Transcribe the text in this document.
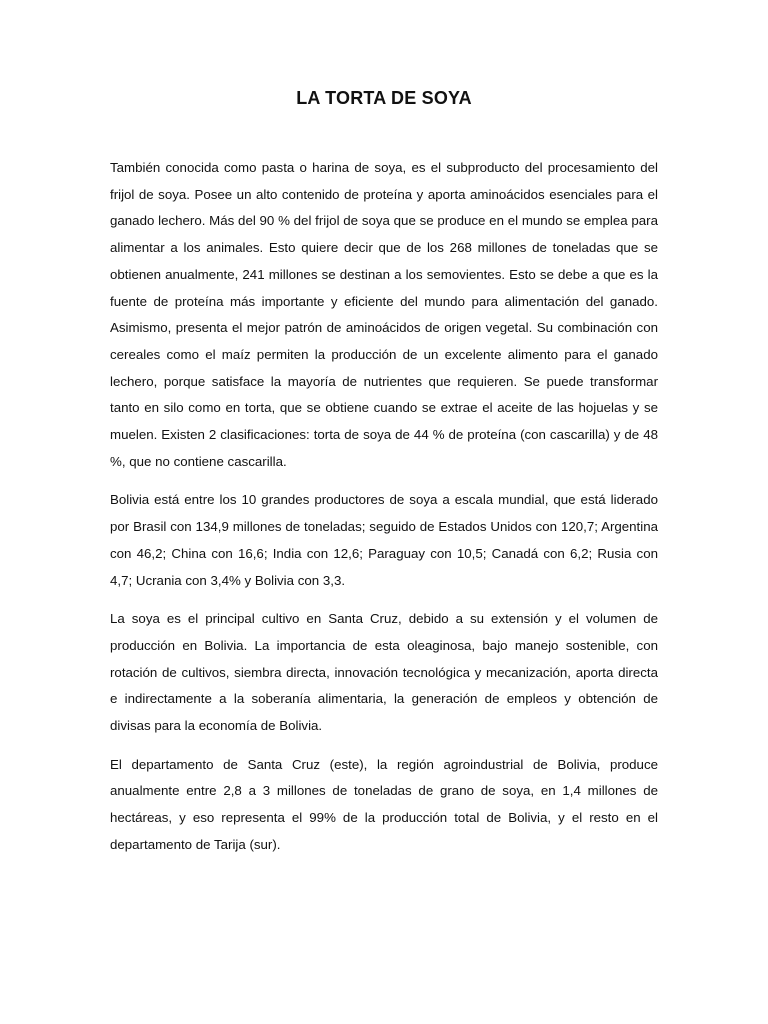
LA TORTA DE SOYA

También conocida como pasta o harina de soya, es el subproducto del procesamiento del frijol de soya. Posee un alto contenido de proteína y aporta aminoácidos esenciales para el ganado lechero. Más del 90 % del frijol de soya que se produce en el mundo se emplea para alimentar a los animales. Esto quiere decir que de los 268 millones de toneladas que se obtienen anualmente, 241 millones se destinan a los semovientes. Esto se debe a que es la fuente de proteína más importante y eficiente del mundo para alimentación del ganado. Asimismo, presenta el mejor patrón de aminoácidos de origen vegetal. Su combinación con cereales como el maíz permiten la producción de un excelente alimento para el ganado lechero, porque satisface la mayoría de nutrientes que requieren. Se puede transformar tanto en silo como en torta, que se obtiene cuando se extrae el aceite de las hojuelas y se muelen. Existen 2 clasificaciones: torta de soya de 44 % de proteína (con cascarilla) y de 48 %, que no contiene cascarilla.

Bolivia está entre los 10 grandes productores de soya a escala mundial, que está liderado por Brasil con 134,9 millones de toneladas; seguido de Estados Unidos con 120,7; Argentina con 46,2; China con 16,6; India con 12,6; Paraguay con 10,5; Canadá con 6,2; Rusia con 4,7; Ucrania con 3,4% y Bolivia con 3,3.

La soya es el principal cultivo en Santa Cruz, debido a su extensión y el volumen de producción en Bolivia. La importancia de esta oleaginosa, bajo manejo sostenible, con rotación de cultivos, siembra directa, innovación tecnológica y mecanización, aporta directa e indirectamente a la soberanía alimentaria, la generación de empleos y obtención de divisas para la economía de Bolivia.

El departamento de Santa Cruz (este), la región agroindustrial de Bolivia, produce anualmente entre 2,8 a 3 millones de toneladas de grano de soya, en 1,4 millones de hectáreas, y eso representa el 99% de la producción total de Bolivia, y el resto en el departamento de Tarija (sur).
